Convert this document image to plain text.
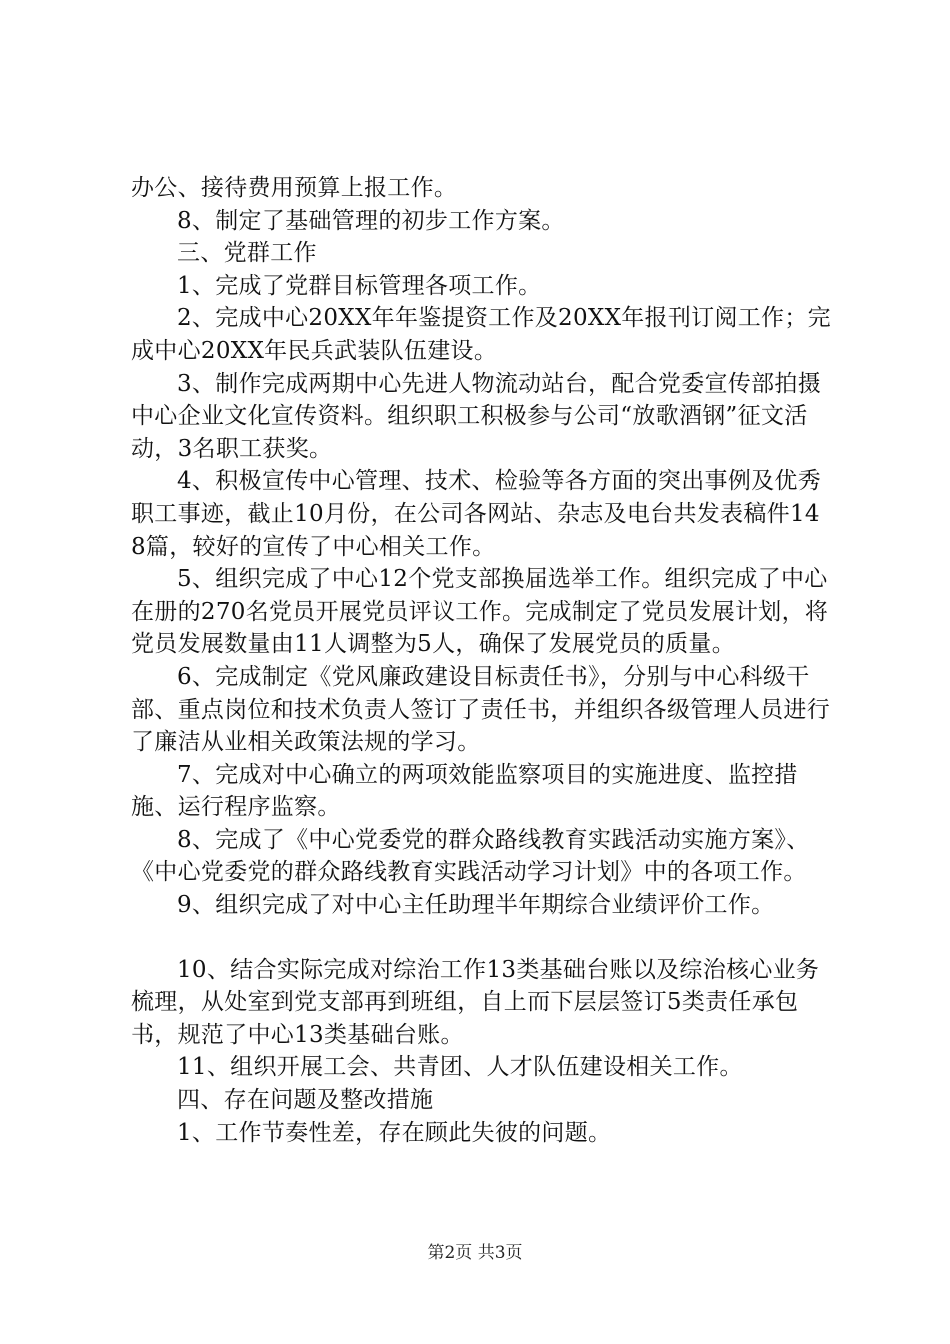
办公、接待费用预算上报工作。

8、制定了基础管理的初步工作方案。

三、党群工作

1、完成了党群目标管理各项工作。

2、完成中心20XX年年鉴提资工作及20XX年报刊订阅工作；完成中心20XX年民兵武装队伍建设。

3、制作完成两期中心先进人物流动站台，配合党委宣传部拍摄中心企业文化宣传资料。组织职工积极参与公司“放歌酒钢”征文活动，3名职工获奖。

4、积极宣传中心管理、技术、检验等各方面的突出事例及优秀职工事迹，截止10月份，在公司各网站、杂志及电台共发表稿件148篇，较好的宣传了中心相关工作。

5、组织完成了中心12个党支部换届选举工作。组织完成了中心在册的270名党员开展党员评议工作。完成制定了党员发展计划，将党员发展数量由11人调整为5人，确保了发展党员的质量。

6、完成制定《党风廉政建设目标责任书》，分别与中心科级干部、重点岗位和技术负责人签订了责任书，并组织各级管理人员进行了廉洁从业相关政策法规的学习。

7、完成对中心确立的两项效能监察项目的实施进度、监控措施、运行程序监察。

8、完成了《中心党委党的群众路线教育实践活动实施方案》、《中心党委党的群众路线教育实践活动学习计划》中的各项工作。

9、组织完成了对中心主任助理半年期综合业绩评价工作。

10、结合实际完成对综治工作13类基础台账以及综治核心业务梳理，从处室到党支部再到班组，自上而下层层签订5类责任承包书，规范了中心13类基础台账。

11、组织开展工会、共青团、人才队伍建设相关工作。

四、存在问题及整改措施

1、工作节奏性差，存在顾此失彼的问题。

第2页 共3页
